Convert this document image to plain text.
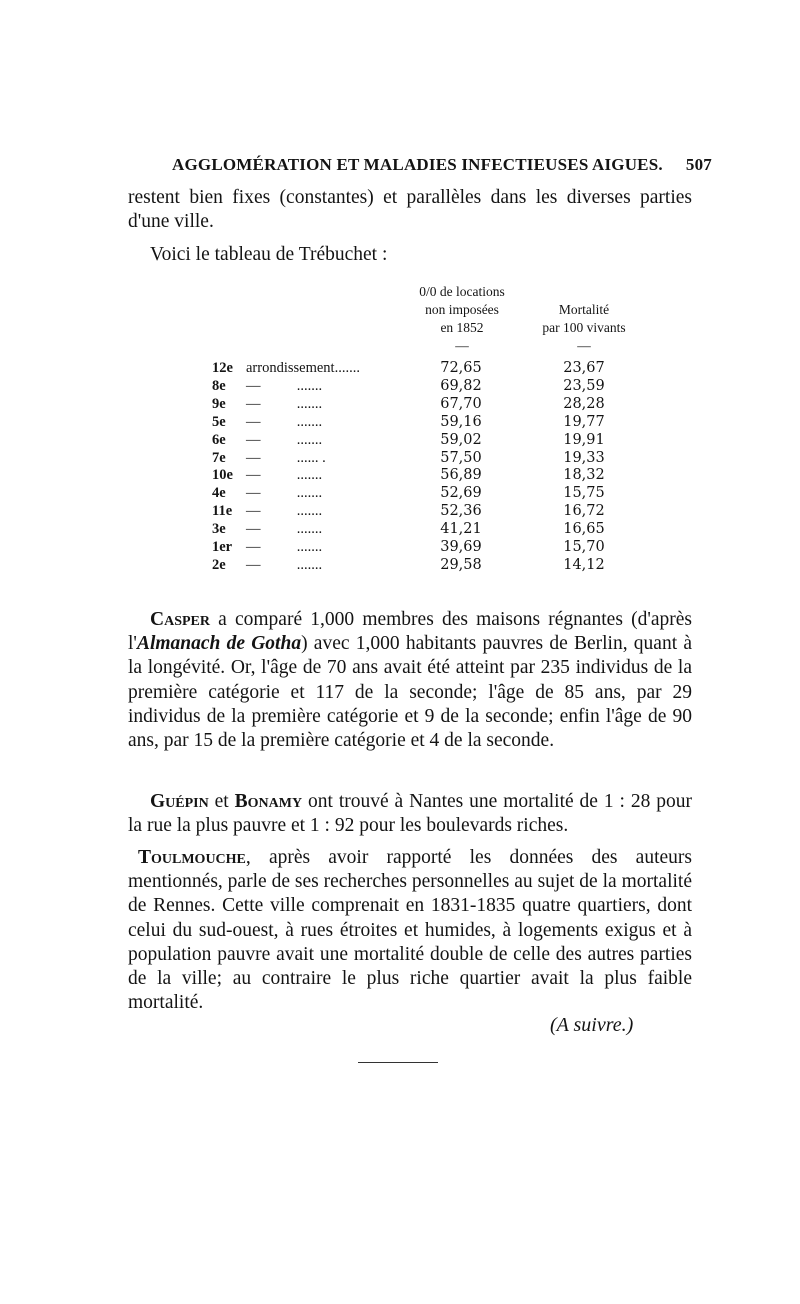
AGGLOMÉRATION ET MALADIES INFECTIEUSES AIGUES. 507
restent bien fixes (constantes) et parallèles dans les diverses parties d'une ville.
Voici le tableau de Trébuchet :
0/0 de locations
non imposées
en 1852
—
Mortalité
par 100 vivants
—
12e	arrondissement.......	72,65	23,67
8e	—          .......	69,82	23,59
9e	—          .......	67,70	28,28
5e	—          .......	59,16	19,77
6e	—          .......	59,02	19,91
7e	—          ...... .	57,50	19,33
10e	—          .......	56,89	18,32
4e	—          .......	52,69	15,75
11e	—          .......	52,36	16,72
3e	—          .......	41,21	16,65
1er	—          .......	39,69	15,70
2e	—          .......	29,58	14,12
Casper a comparé 1,000 membres des maisons régnantes (d'après l'Almanach de Gotha) avec 1,000 habitants pauvres de Berlin, quant à la longévité. Or, l'âge de 70 ans avait été atteint par 235 individus de la première catégorie et 117 de la seconde; l'âge de 85 ans, par 29 individus de la première catégorie et 9 de la seconde; enfin l'âge de 90 ans, par 15 de la première catégorie et 4 de la seconde.
Guépin et Bonamy ont trouvé à Nantes une mortalité de 1 : 28 pour la rue la plus pauvre et 1 : 92 pour les boulevards riches.
Toulmouche, après avoir rapporté les données des auteurs mentionnés, parle de ses recherches personnelles au sujet de la mortalité de Rennes. Cette ville comprenait en 1831-1835 quatre quartiers, dont celui du sud-ouest, à rues étroites et humides, à logements exigus et à population pauvre avait une mortalité double de celle des autres parties de la ville; au contraire le plus riche quartier avait la plus faible mortalité.
(A suivre.)
